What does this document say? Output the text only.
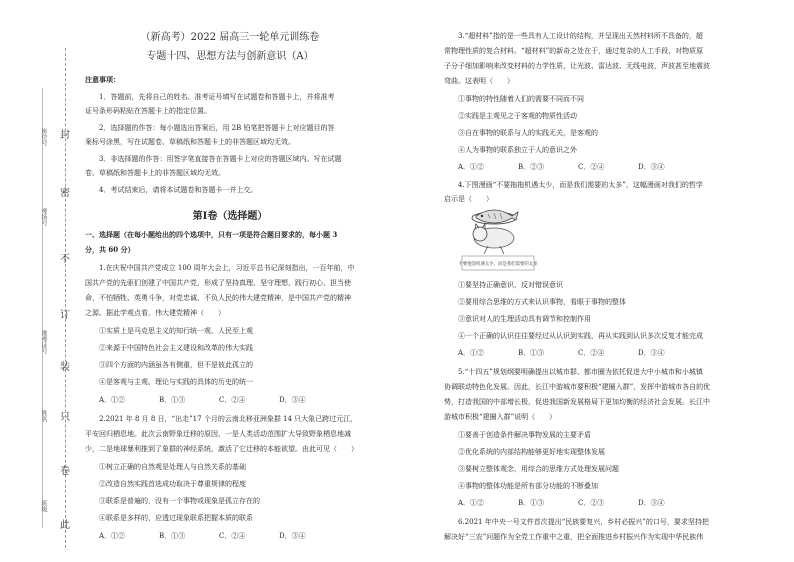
封
密
不
订
装
只
卷
此
座位号
考场号
准考证号
姓名
班级
（新高考）2022 届高三一轮单元训练卷
专题十四、思想方法与创新意识（A）
注意事项：
1．答题前，先将自己的姓名、准考证号填写在试题卷和答题卡上，并将准考
证号条形码粘贴在答题卡上的指定位置。
2．选择题的作答：每小题选出答案后，用 2B 铅笔把答题卡上对应题目的答
案标号涂黑，写在试题卷、草稿纸和答题卡上的非答题区域均无效。
3．非选择题的作答：用签字笔直接答在答题卡上对应的答题区域内。写在试题
卷、草稿纸和答题卡上的非答题区域均无效。
4．考试结束后，请将本试题卷和答题卡一并上交。
第Ⅰ卷（选择题）
一、选择题（在每小题给出的四个选项中，只有一项是符合题目要求的，每小题 3
分，共 60 分）
1.在庆祝中国共产党成立 100 周年大会上，习近平总书记深刻指出，一百年前，中
国共产党的先驱们创建了中国共产党，形成了坚持真理、坚守理想，践行初心、担当使
命，不怕牺牲、英勇斗争，对党忠诚、不负人民的伟大建党精神，是中国共产党的精神
之源。据此学观点看，伟大建党精神（　　）
①实质上是马克思主义的知行统一观、人民至上观
②来源于中国特色社会主义建设和改革的伟大实践
③四个方面的内涵虽各有侧重，但不是彼此孤立的
④是客观与主观、理论与实践的具体的历史的统一
A．①②	B．①③	C．②④	D．③④
2.2021 年 8 月 8 日，“出走”17 个月的云南北移亚洲象群 14 只大象已跨过元江，
平安回归栖息地。此次云南野象迁移的原因，一是人类活动范围扩大导致野象栖息地减
少，二是地球暴利推到了象群的神经系统，激活了它迁移的本能欲望。由此可见（　　）
①树立正确的自然观是处理人与自然关系的基础
②改造自然实践首选成功取决于尊重规律的程度
③联系是普遍的，没有一个事物或现象是孤立存在的
④联系是多样的，应透过现象联系把握本质的联系
A．①②	B．①③	C．②④	D．③④
3.“超材料”指的是一些具有人工设计的结构，并呈现出天然材料所不具备的，超
常物理性质的复合材料。“超材料”的新奇之处在于，通过复杂的人工手段，对物质原
子分子细加影响来改变材料的力学性质，让光波、雷达波、无线电波，声波甚至地震波
弯曲。这表明（　　）
①事物的特性随着人们的需要不同而不同
②实践是主观见之于客观的物质性活动
③自在事物的联系与人的实践无关，是客观的
④人为事物的联系独立于人的意识之外
A．①②	B．②③	C．②④	D．③④
4.下图漫画“不要拖拖机遇太少，而是我们需要的太多”，这幅漫画对我们的哲学
启示是（　　）
不要抱怨机遇太少，而是我们需要的太多
①要坚持正确意识，反对错误意识
②要用综合思维的方式来认识事物，看眼于事物的整体
③意识对人的生理活动具有调节和控制作用
④一个正确的认识往往要经过从认识到实践，再从实践到认识多次反复才能完成
A．①②	B．①③	C．②④	D．③④
5.“十四五”规划纲要明确提出以城市群、都市圈为依托促进大中小城市和小城镇
协调联动特色化发展。因此，长江中游城市要积极“建圈入群”，发挥中游城市各自的优
势，打造我国的中部增长极，促进我国新发展格局下更加均衡的经济社会发展。长江中
游城市积极“建圈入群”说明（　　）
①要善于创造条件解决事物发展的主要矛盾
②优化系统的内部结构能够更好地实现整体发展
③要树立整体观念，用综合的思维方式处理发展问题
④事物的整体功能是所有部分功能的不断叠加
A．①②	B．①③	C．②③	D．③④
6.2021 年中央一号文件首次提出“民族要复兴，乡村必振兴”的口号，要求坚持把
解决好“三农”问题作为全党工作重中之重，把全面推进乡村振兴作为实现中华民族伟
